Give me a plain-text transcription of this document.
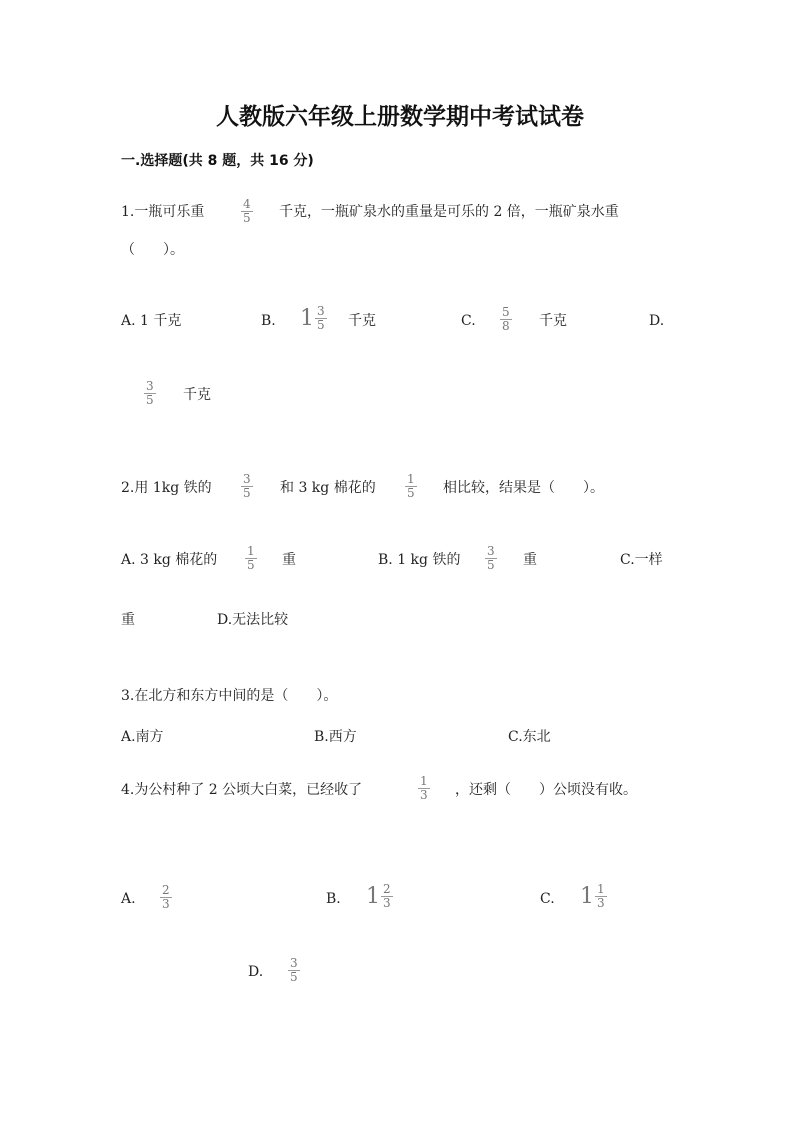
人教版六年级上册数学期中考试试卷
一.选择题(共 8 题，共 16 分)
1.一瓶可乐重	$\frac{4}{5}$ 千克，一瓶矿泉水的重量是可乐的 2 倍，一瓶矿泉水重
（　　）。
A. 1 千克	B. $1 \frac{3}{5}$ 千克	C. $\frac{5}{8}$ 千克	D.
$\frac{3}{5}$ 千克
2.用 1kg 铁的 $\frac{3}{5}$ 和 3 kg 棉花的 $\frac{1}{5}$ 相比较，结果是（　　）。
A. 3 kg 棉花的 $\frac{1}{5}$ 重	B. 1 kg 铁的 $\frac{3}{5}$ 重	C.一样
重	D.无法比较
3.在北方和东方中间的是（　　）。
A.南方	B.西方	C.东北
4.为公村种了 2 公顷大白菜，已经收了	$\frac{1}{3}$ ，还剩（　　）公顷没有收。
A. $\frac{2}{3}$	B. $1 \frac{2}{3}$	C. $1 \frac{1}{3}$
D. $\frac{3}{5}$
